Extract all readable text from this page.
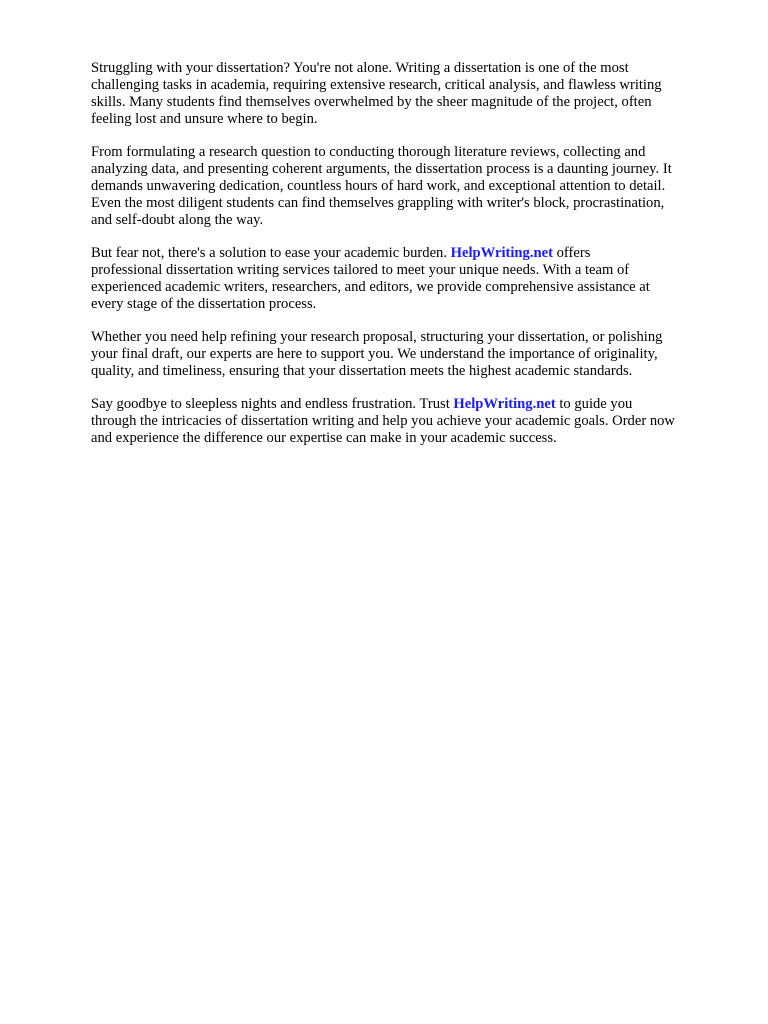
Struggling with your dissertation? You're not alone. Writing a dissertation is one of the most
challenging tasks in academia, requiring extensive research, critical analysis, and flawless writing
skills. Many students find themselves overwhelmed by the sheer magnitude of the project, often
feeling lost and unsure where to begin.

From formulating a research question to conducting thorough literature reviews, collecting and
analyzing data, and presenting coherent arguments, the dissertation process is a daunting journey. It
demands unwavering dedication, countless hours of hard work, and exceptional attention to detail.
Even the most diligent students can find themselves grappling with writer's block, procrastination,
and self-doubt along the way.

But fear not, there's a solution to ease your academic burden. HelpWriting.net offers
professional dissertation writing services tailored to meet your unique needs. With a team of
experienced academic writers, researchers, and editors, we provide comprehensive assistance at
every stage of the dissertation process.

Whether you need help refining your research proposal, structuring your dissertation, or polishing
your final draft, our experts are here to support you. We understand the importance of originality,
quality, and timeliness, ensuring that your dissertation meets the highest academic standards.

Say goodbye to sleepless nights and endless frustration. Trust HelpWriting.net to guide you
through the intricacies of dissertation writing and help you achieve your academic goals. Order now
and experience the difference our expertise can make in your academic success.
